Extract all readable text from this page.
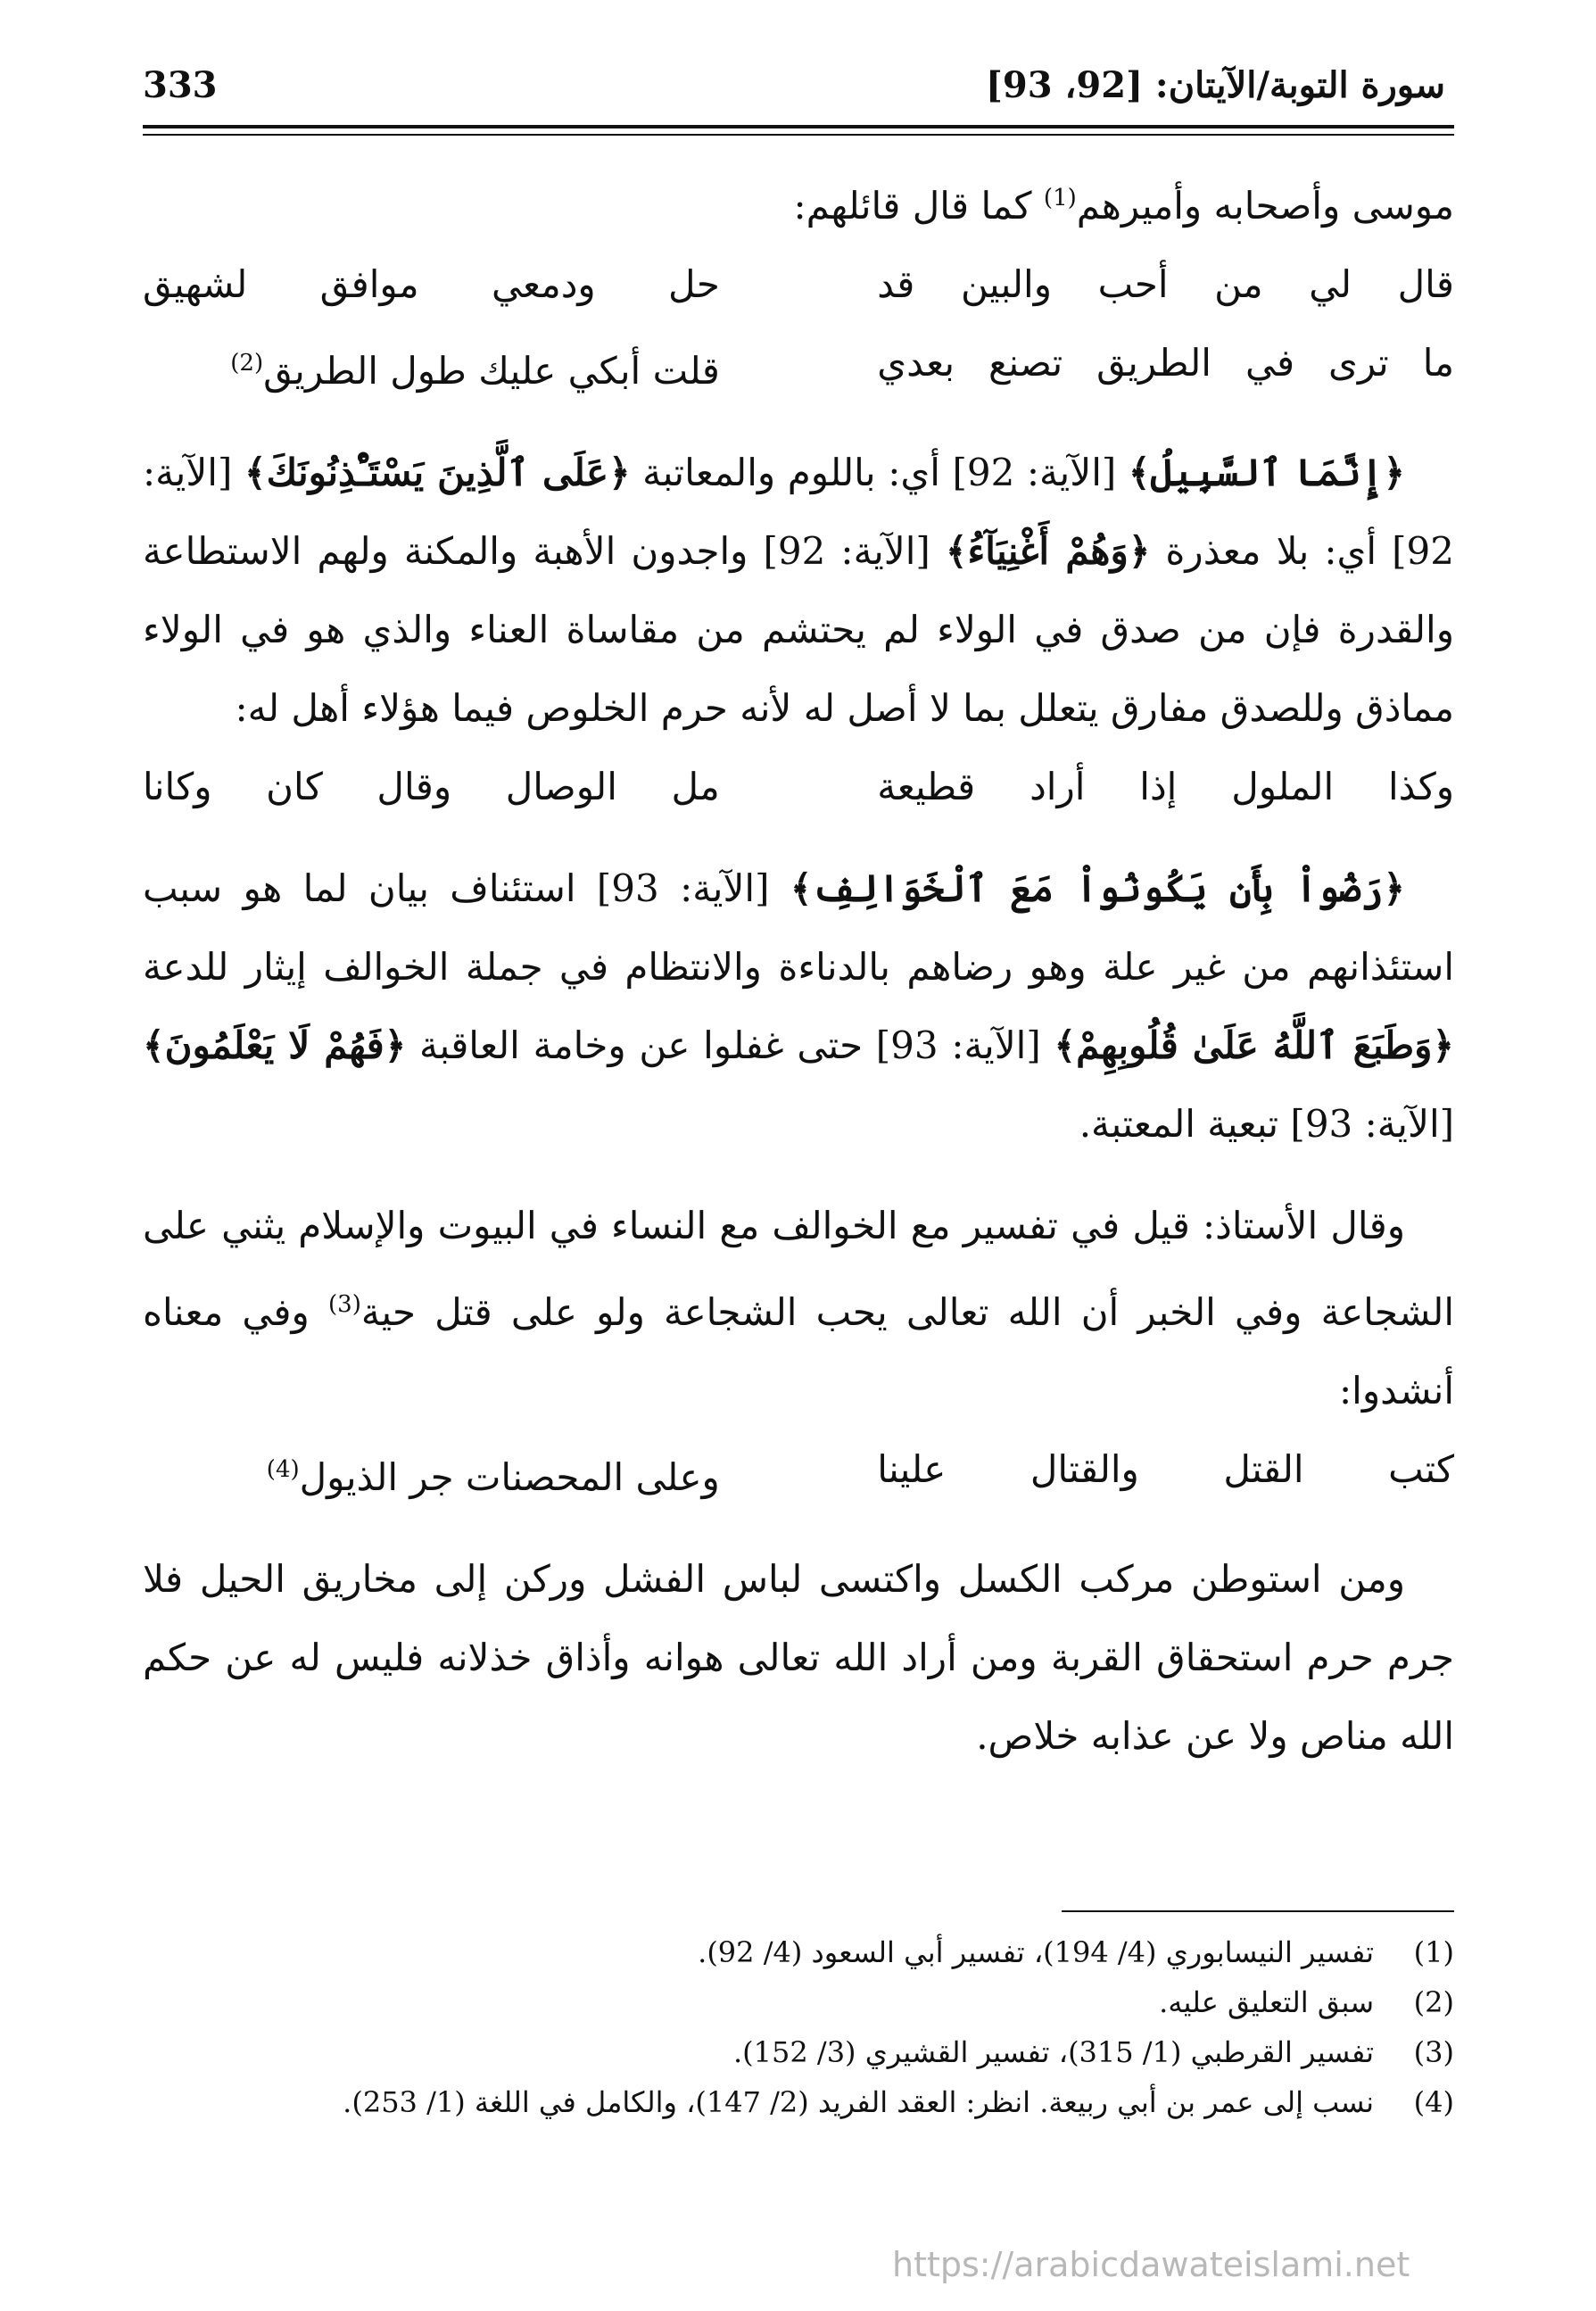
سورة التوبة/الآيتان: [92، 93]
333

موسى وأصحابه وأميرهم$^{(1)}$ كما قال قائلهم:

قال لي من أحب والبين قد
حل ودمعي موافق لشهيق
ما ترى في الطريق تصنع بعدي
قلت أبكي عليك طول الطريق$^{(2)}$

﴿إِنَّمَا ٱلسَّبِيلُ﴾ [الآية: 92] أي: باللوم والمعاتبة ﴿عَلَى ٱلَّذِينَ يَسْتَـْٔذِنُونَكَ﴾ [الآية: 92] أي: بلا معذرة ﴿وَهُمْ أَغْنِيَآءُ﴾ [الآية: 92] واجدون الأهبة والمكنة ولهم الاستطاعة والقدرة فإن من صدق في الولاء لم يحتشم من مقاساة العناء والذي هو في الولاء مماذق وللصدق مفارق يتعلل بما لا أصل له لأنه حرم الخلوص فيما هؤلاء أهل له:

وكذا الملول إذا أراد قطيعة
مل الوصال وقال كان وكانا

﴿رَضُواْ بِأَن يَكُونُواْ مَعَ ٱلْخَوَالِفِ﴾ [الآية: 93] استئناف بيان لما هو سبب استئذانهم من غير علة وهو رضاهم بالدناءة والانتظام في جملة الخوالف إيثار للدعة ﴿وَطَبَعَ ٱللَّهُ عَلَىٰ قُلُوبِهِمْ﴾ [الآية: 93] حتى غفلوا عن وخامة العاقبة ﴿فَهُمْ لَا يَعْلَمُونَ﴾ [الآية: 93] تبعية المعتبة.

وقال الأستاذ: قيل في تفسير مع الخوالف مع النساء في البيوت والإسلام يثني على الشجاعة وفي الخبر أن الله تعالى يحب الشجاعة ولو على قتل حية$^{(3)}$ وفي معناه أنشدوا:

كتب القتل والقتال علينا
وعلى المحصنات جر الذيول$^{(4)}$

ومن استوطن مركب الكسل واكتسى لباس الفشل وركن إلى مخاريق الحيل فلا جرم حرم استحقاق القربة ومن أراد الله تعالى هوانه وأذاق خذلانه فليس له عن حكم الله مناص ولا عن عذابه خلاص.

(1)
تفسير النيسابوري (4/ 194)، تفسير أبي السعود (4/ 92).
(2)
سبق التعليق عليه.
(3)
تفسير القرطبي (1/ 315)، تفسير القشيري (3/ 152).
(4)
نسب إلى عمر بن أبي ربيعة. انظر: العقد الفريد (2/ 147)، والكامل في اللغة (1/ 253).
https://arabicdawateislami.net
